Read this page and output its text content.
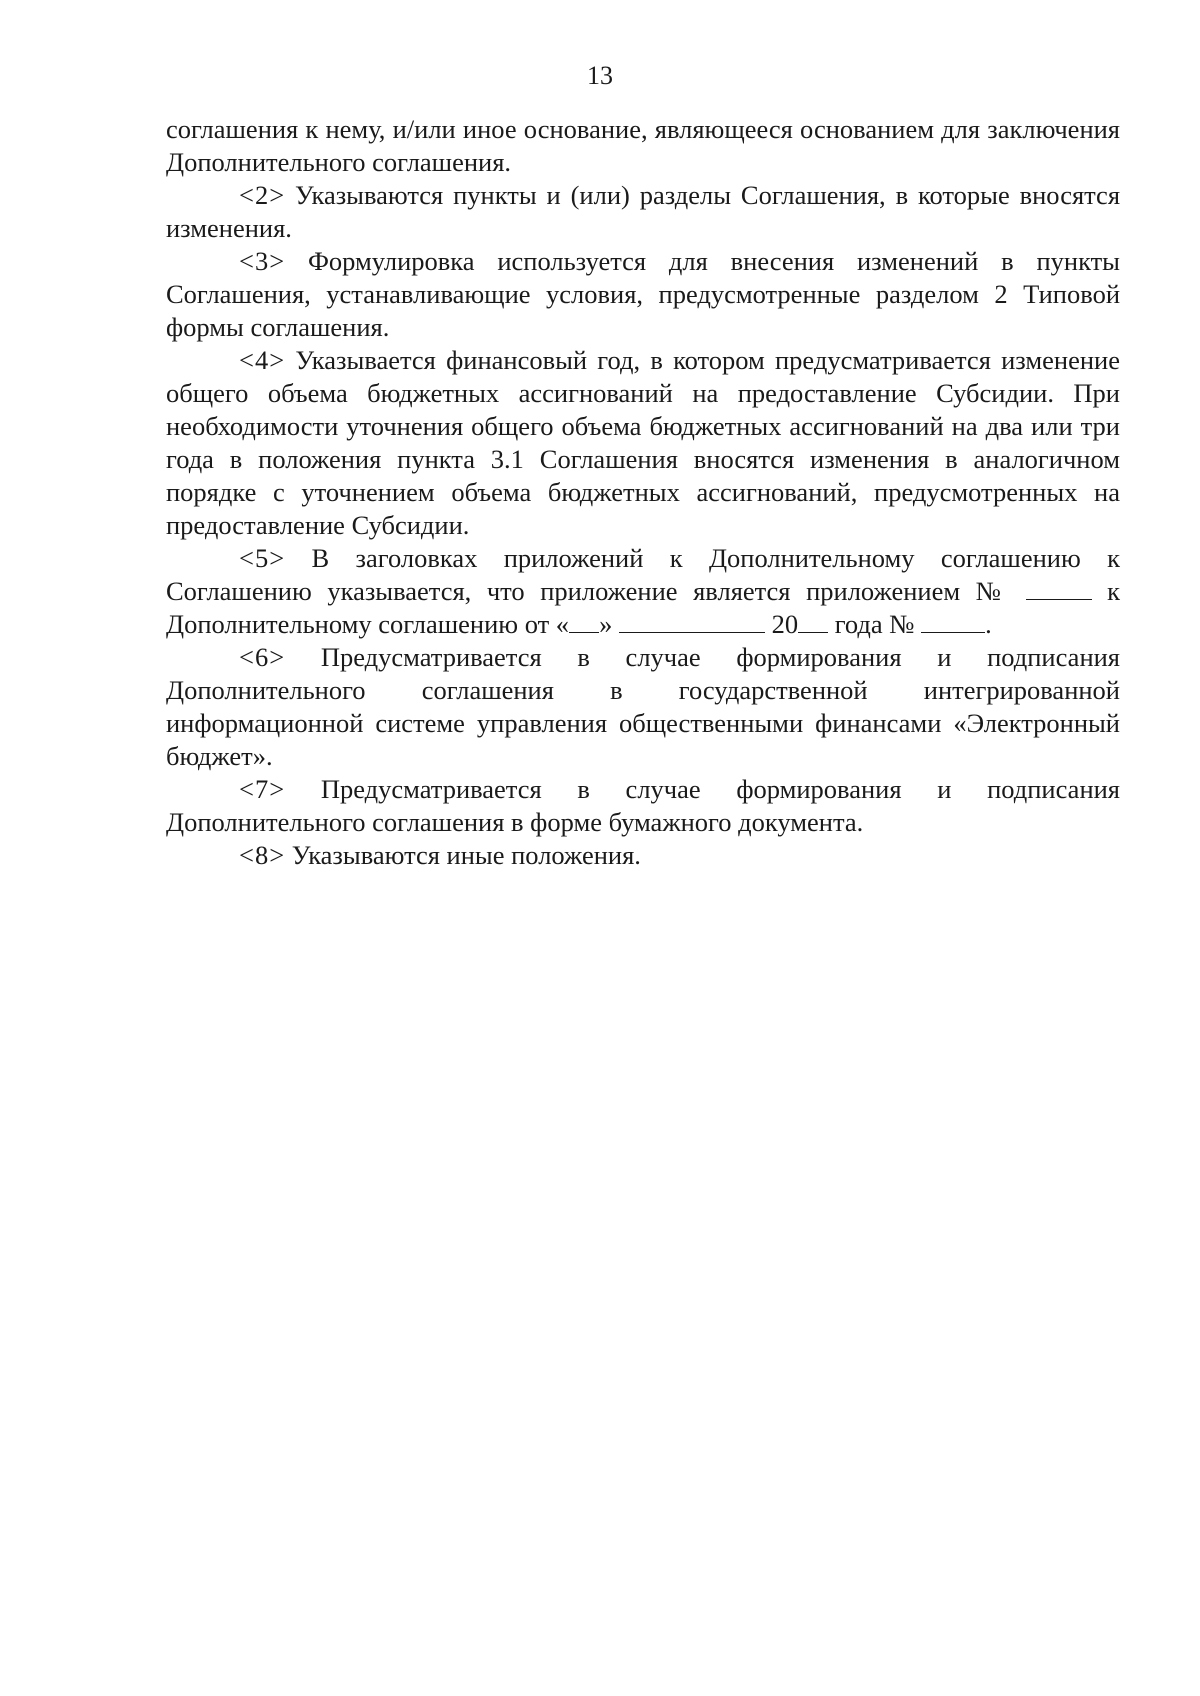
13

соглашения к нему, и/или иное основание, являющееся основанием для заключения Дополнительного соглашения.

<2> Указываются пункты и (или) разделы Соглашения, в которые вносятся изменения.

<3> Формулировка используется для внесения изменений в пункты Соглашения, устанавливающие условия, предусмотренные разделом 2 Типовой формы соглашения.

<4> Указывается финансовый год, в котором предусматривается изменение общего объема бюджетных ассигнований на предоставление Субсидии. При необходимости уточнения общего объема бюджетных ассигнований на два или три года в положения пункта 3.1 Соглашения вносятся изменения в аналогичном порядке с уточнением объема бюджетных ассигнований, предусмотренных на предоставление Субсидии.

<5> В заголовках приложений к Дополнительному соглашению к Соглашению указывается, что приложение является приложением №	к Дополнительному соглашению от « »	20 года №	.

<6> Предусматривается в случае формирования и подписания Дополнительного соглашения в государственной интегрированной информационной системе управления общественными финансами «Электронный бюджет».

<7> Предусматривается в случае формирования и подписания Дополнительного соглашения в форме бумажного документа.

<8> Указываются иные положения.
